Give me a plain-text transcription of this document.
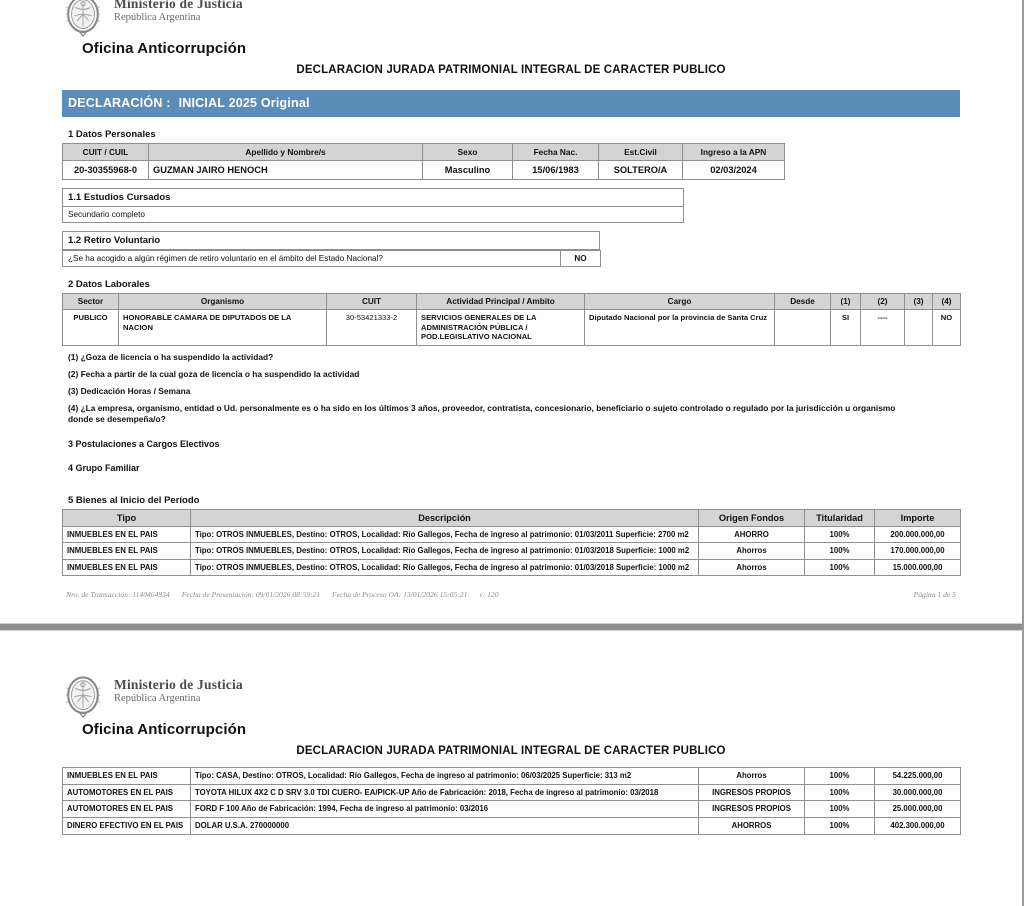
Ministerio de Justicia
República Argentina
Oficina Anticorrupción
DECLARACION JURADA PATRIMONIAL INTEGRAL DE CARACTER PUBLICO
DECLARACIÓN : INICIAL 2025 Original
1 Datos Personales
CUIT / CUIL	Apellido y Nombre/s	Sexo	Fecha Nac.	Est.Civil	Ingreso a la APN
20-30355968-0	GUZMAN JAIRO HENOCH	Masculino	15/06/1983	SOLTERO/A	02/03/2024
1.1 Estudios Cursados
Secundario completo
1.2 Retiro Voluntario
¿Se ha acogido a algún régimen de retiro voluntario en el ámbito del Estado Nacional?	NO
2 Datos Laborales
Sector	Organismo	CUIT	Actividad Principal / Ambito	Cargo	Desde	(1)	(2)	(3)	(4)
PUBLICO	HONORABLE CAMARA DE DIPUTADOS DE LA NACION	30-53421333-2	SERVICIOS GENERALES DE LA ADMINISTRACIÓN PÚBLICA / POD.LEGISLATIVO NACIONAL	Diputado Nacional por la provincia de Santa Cruz		SI	----		NO
(1) ¿Goza de licencia o ha suspendido la actividad?
(2) Fecha a partir de la cual goza de licencia o ha suspendido la actividad
(3) Dedicación Horas / Semana
(4) ¿La empresa, organismo, entidad o Ud. personalmente es o ha sido en los últimos 3 años, proveedor, contratista, concesionario, beneficiario o sujeto controlado o regulado por la jurisdicción u organismo donde se desempeña/o?
3 Postulaciones a Cargos Electivos
4 Grupo Familiar
5 Bienes al Inicio del Período
Tipo	Descripción	Origen Fondos	Titularidad	Importe
INMUEBLES EN EL PAIS	Tipo: OTROS INMUEBLES, Destino: OTROS, Localidad: Río Gallegos, Fecha de ingreso al patrimonio: 01/03/2011 Superficie: 2700 m2	AHORRO	100%	200.000.000,00
INMUEBLES EN EL PAIS	Tipo: OTROS INMUEBLES, Destino: OTROS, Localidad: Río Gallegos, Fecha de ingreso al patrimonio: 01/03/2018 Superficie: 1000 m2	Ahorros	100%	170.000.000,00
INMUEBLES EN EL PAIS	Tipo: OTROS INMUEBLES, Destino: OTROS, Localidad: Río Gallegos, Fecha de ingreso al patrimonio: 01/03/2018 Superficie: 1000 m2	Ahorros	100%	15.000.000,00
Nro. de Transacción: 1140464934 Fecha de Presentación: 09/01/2026 08:59:21 Fecha de Proceso OA: 13/01/2026 15:05:21 v: 120	Página 1 de 5
Ministerio de Justicia
República Argentina
Oficina Anticorrupción
DECLARACION JURADA PATRIMONIAL INTEGRAL DE CARACTER PUBLICO
INMUEBLES EN EL PAIS	Tipo: CASA, Destino: OTROS, Localidad: Río Gallegos, Fecha de ingreso al patrimonio: 06/03/2025 Superficie: 313 m2	Ahorros	100%	54.225.000,00
AUTOMOTORES EN EL PAIS	TOYOTA HILUX 4X2 C D SRV 3.0 TDI CUERO- EA/PICK-UP Año de Fabricación: 2018, Fecha de ingreso al patrimonio: 03/2018	INGRESOS PROPIOS	100%	30.000.000,00
AUTOMOTORES EN EL PAIS	FORD F 100 Año de Fabricación: 1994, Fecha de ingreso al patrimonio: 03/2016	INGRESOS PROPIOS	100%	25.000.000,00
DINERO EFECTIVO EN EL PAIS	DOLAR U.S.A. 270000000	AHORROS	100%	402.300.000,00
